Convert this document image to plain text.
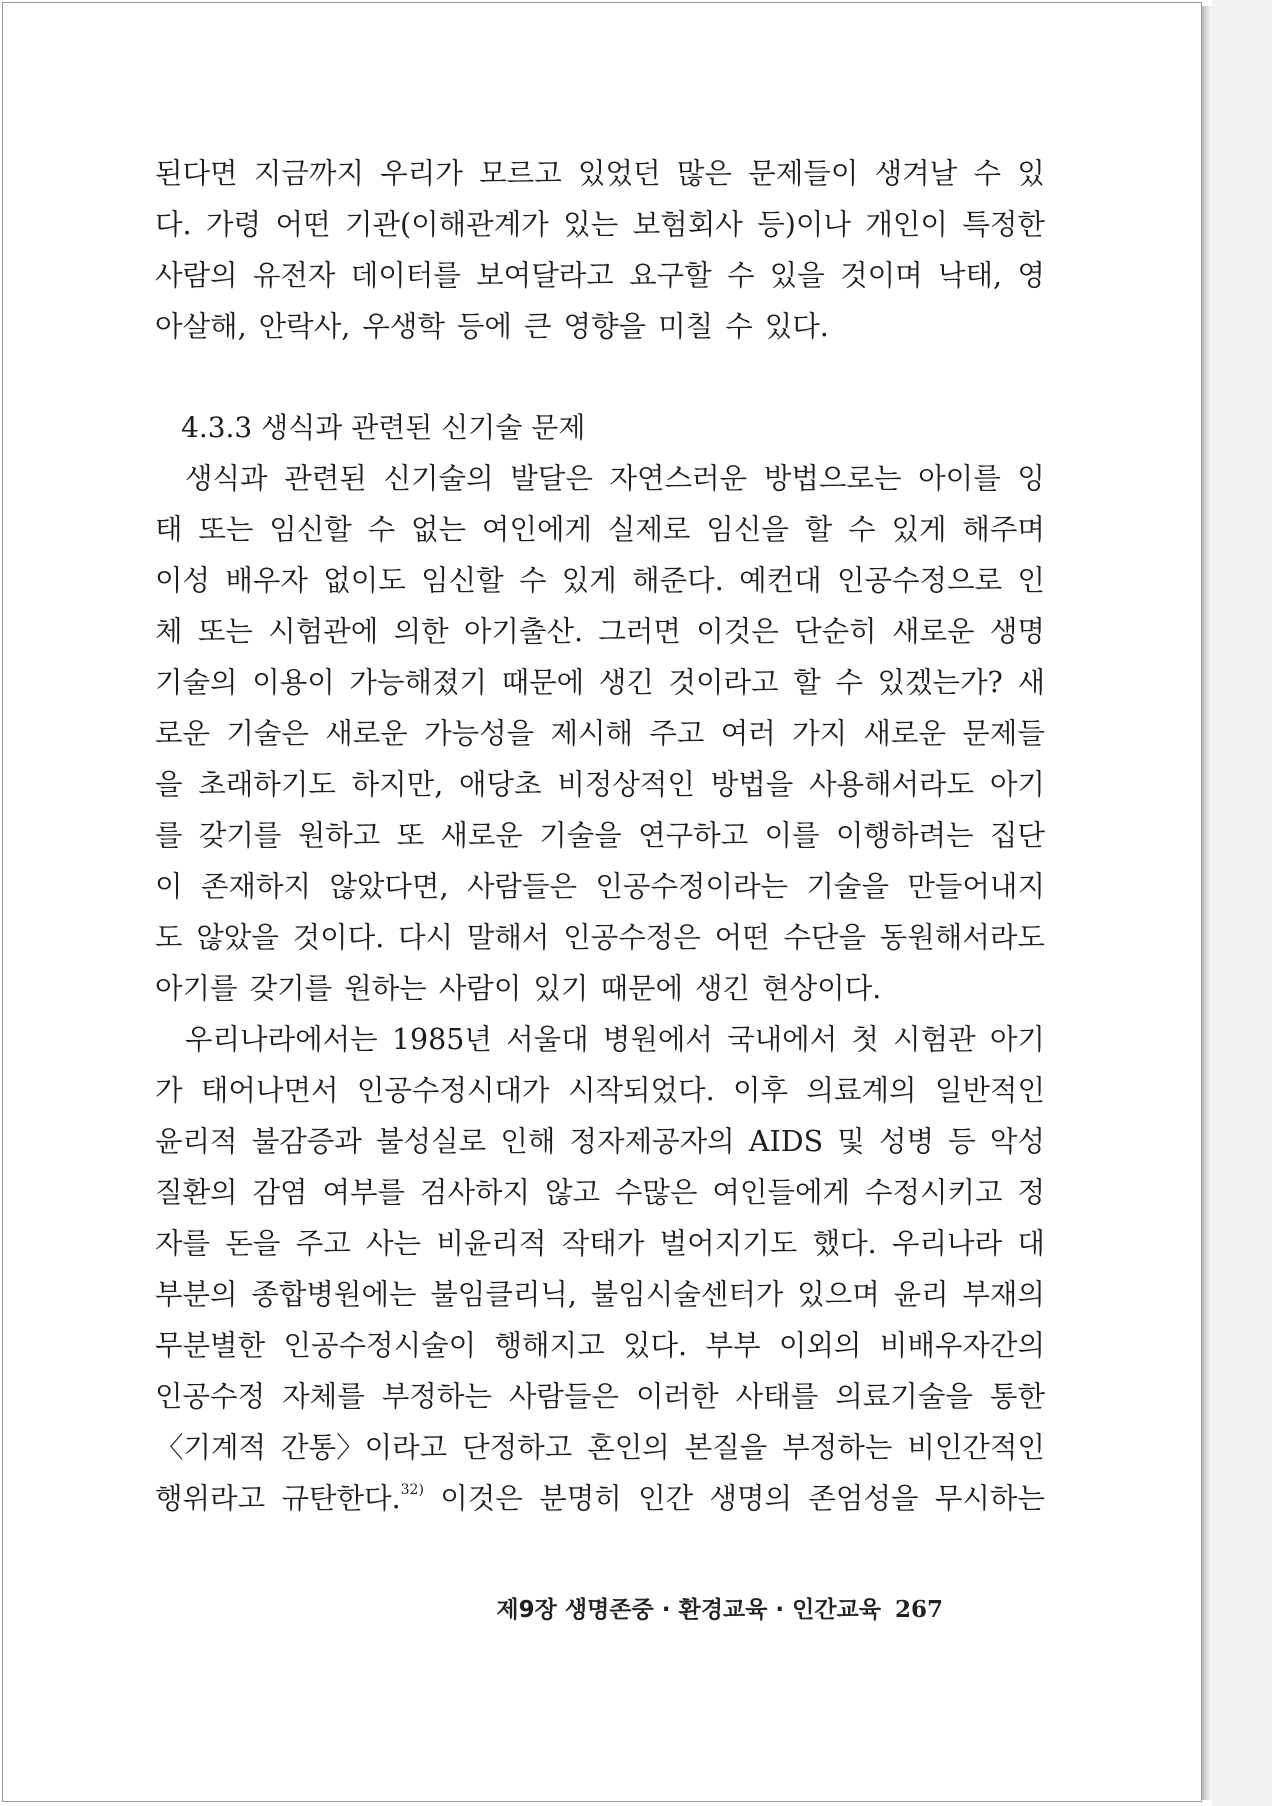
된다면 지금까지 우리가 모르고 있었던 많은 문제들이 생겨날 수 있
다. 가령 어떤 기관(이해관계가 있는 보험회사 등)이나 개인이 특정한
사람의 유전자 데이터를 보여달라고 요구할 수 있을 것이며 낙태, 영
아살해, 안락사, 우생학 등에 큰 영향을 미칠 수 있다.
4.3.3 생식과 관련된 신기술 문제
생식과 관련된 신기술의 발달은 자연스러운 방법으로는 아이를 잉
태 또는 임신할 수 없는 여인에게 실제로 임신을 할 수 있게 해주며
이성 배우자 없이도 임신할 수 있게 해준다. 예컨대 인공수정으로 인
체 또는 시험관에 의한 아기출산. 그러면 이것은 단순히 새로운 생명
기술의 이용이 가능해졌기 때문에 생긴 것이라고 할 수 있겠는가? 새
로운 기술은 새로운 가능성을 제시해 주고 여러 가지 새로운 문제들
을 초래하기도 하지만, 애당초 비정상적인 방법을 사용해서라도 아기
를 갖기를 원하고 또 새로운 기술을 연구하고 이를 이행하려는 집단
이 존재하지 않았다면, 사람들은 인공수정이라는 기술을 만들어내지
도 않았을 것이다. 다시 말해서 인공수정은 어떤 수단을 동원해서라도
아기를 갖기를 원하는 사람이 있기 때문에 생긴 현상이다.
우리나라에서는 1985년 서울대 병원에서 국내에서 첫 시험관 아기
가 태어나면서 인공수정시대가 시작되었다. 이후 의료계의 일반적인
윤리적 불감증과 불성실로 인해 정자제공자의 AIDS 및 성병 등 악성
질환의 감염 여부를 검사하지 않고 수많은 여인들에게 수정시키고 정
자를 돈을 주고 사는 비윤리적 작태가 벌어지기도 했다. 우리나라 대
부분의 종합병원에는 불임클리닉, 불임시술센터가 있으며 윤리 부재의
무분별한 인공수정시술이 행해지고 있다. 부부 이외의 비배우자간의
인공수정 자체를 부정하는 사람들은 이러한 사태를 의료기술을 통한
〈기계적 간통〉이라고 단정하고 혼인의 본질을 부정하는 비인간적인
행위라고 규탄한다.$^{32)}$ 이것은 분명히 인간 생명의 존엄성을 무시하는
제9장 생명존중 · 환경교육 · 인간교육 267
